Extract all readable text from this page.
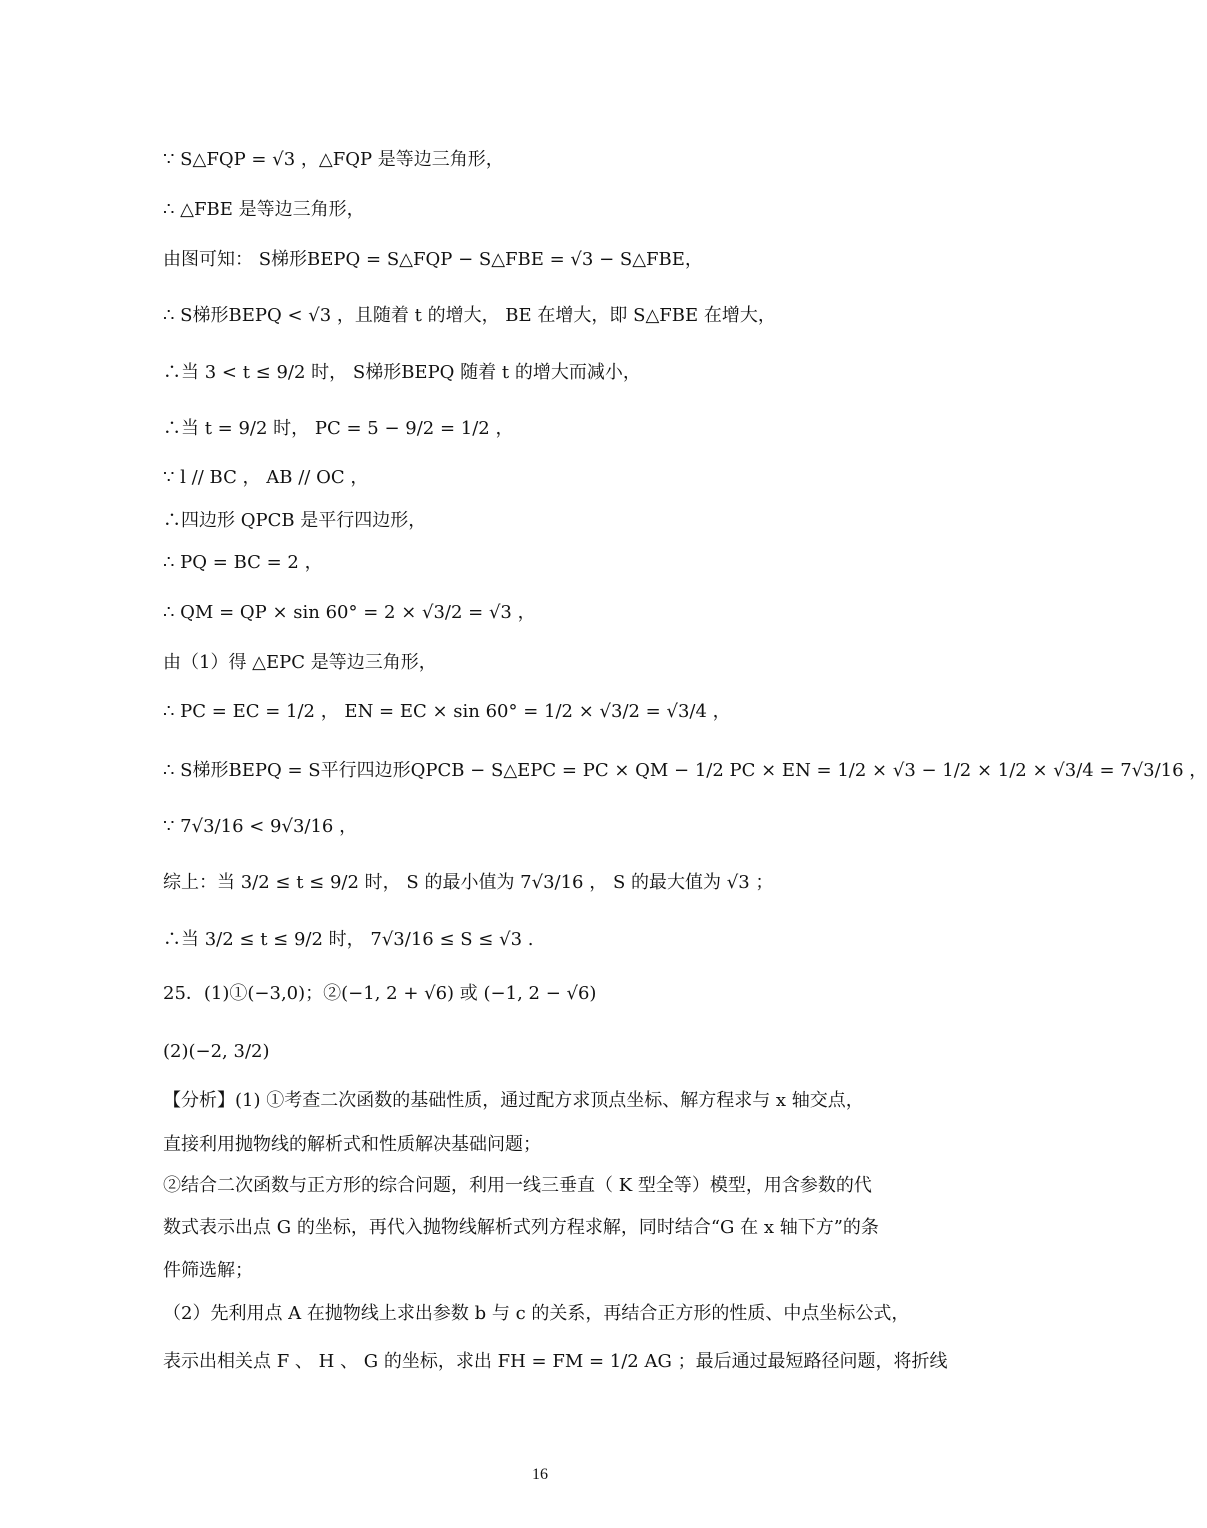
∵ S△FQP = √3 ，△FQP 是等边三角形，
∴ △FBE 是等边三角形，
由图可知： S梯形BEPQ = S△FQP − S△FBE = √3 − S△FBE，
∴ S梯形BEPQ < √3 ，且随着 t 的增大， BE 在增大，即 S△FBE 在增大，
∴当 3 < t ≤ 9/2 时， S梯形BEPQ 随着 t 的增大而减小，
∴当 t = 9/2 时， PC = 5 − 9/2 = 1/2 ，
∵ l // BC ， AB // OC ，
∴四边形 QPCB 是平行四边形，
∴ PQ = BC = 2 ，
∴ QM = QP × sin 60° = 2 × √3/2 = √3 ，
由（1）得 △EPC 是等边三角形，
∴ PC = EC = 1/2 ， EN = EC × sin 60° = 1/2 × √3/2 = √3/4 ，
∴ S梯形BEPQ = S平行四边形QPCB − S△EPC = PC × QM − 1/2 PC × EN = 1/2 × √3 − 1/2 × 1/2 × √3/4 = 7√3/16 ，
∵ 7√3/16 < 9√3/16 ，
综上：当 3/2 ≤ t ≤ 9/2 时， S 的最小值为 7√3/16 ， S 的最大值为 √3 ；
∴当 3/2 ≤ t ≤ 9/2 时， 7√3/16 ≤ S ≤ √3 .
25．(1)①(−3,0)；②(−1, 2 + √6) 或 (−1, 2 − √6)
(2)(−2, 3/2)
【分析】(1) ①考查二次函数的基础性质，通过配方求顶点坐标、解方程求与 x 轴交点，
直接利用抛物线的解析式和性质解决基础问题；
②结合二次函数与正方形的综合问题，利用一线三垂直（ K 型全等）模型，用含参数的代
数式表示出点 G 的坐标，再代入抛物线解析式列方程求解，同时结合“G 在 x 轴下方”的条
件筛选解；
（2）先利用点 A 在抛物线上求出参数 b 与 c 的关系，再结合正方形的性质、中点坐标公式，
表示出相关点 F 、 H 、 G 的坐标，求出 FH = FM = 1/2 AG ；最后通过最短路径问题，将折线
16
